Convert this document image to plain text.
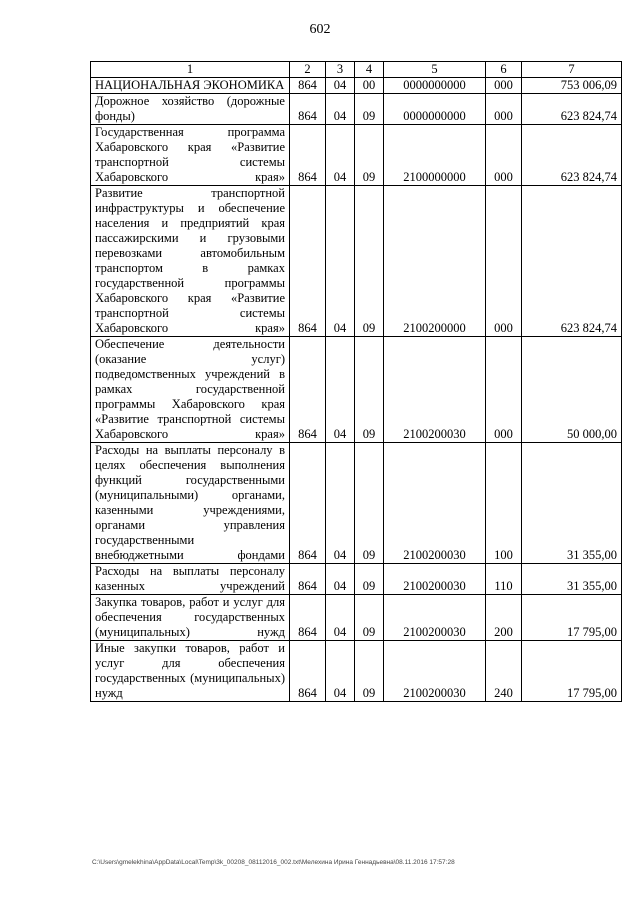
602
1	2	3	4	5	6	7
НАЦИОНАЛЬНАЯ ЭКОНОМИКА	864	04	00	0000000000	000	753 006,09
Дорожное хозяйство (дорожные фонды)	864	04	09	0000000000	000	623 824,74
Государственная программа Хабаровского края «Развитие транспортной системы Хабаровского края»	864	04	09	2100000000	000	623 824,74
Развитие транспортной инфраструктуры и обеспечение населения и предприятий края пассажирскими и грузовыми перевозками автомобильным транспортом в рамках государственной программы Хабаровского края «Развитие транспортной системы Хабаровского края»	864	04	09	2100200000	000	623 824,74
Обеспечение деятельности (оказание услуг) подведомственных учреждений в рамках государственной программы Хабаровского края «Развитие транспортной системы Хабаровского края»	864	04	09	2100200030	000	50 000,00
Расходы на выплаты персоналу в целях обеспечения выполнения функций государственными (муниципальными) органами, казенными учреждениями, органами управления государственными внебюджетными фондами	864	04	09	2100200030	100	31 355,00
Расходы на выплаты персоналу казенных учреждений	864	04	09	2100200030	110	31 355,00
Закупка товаров, работ и услуг для обеспечения государственных (муниципальных) нужд	864	04	09	2100200030	200	17 795,00
Иные закупки товаров, работ и услуг для обеспечения государственных (муниципальных) нужд	864	04	09	2100200030	240	17 795,00
C:\Users\gmelekhina\AppData\Local\Temp\3k_00208_08112016_002.txt\Мелехина Ирина Геннадьевна\08.11.2016 17:57:28
